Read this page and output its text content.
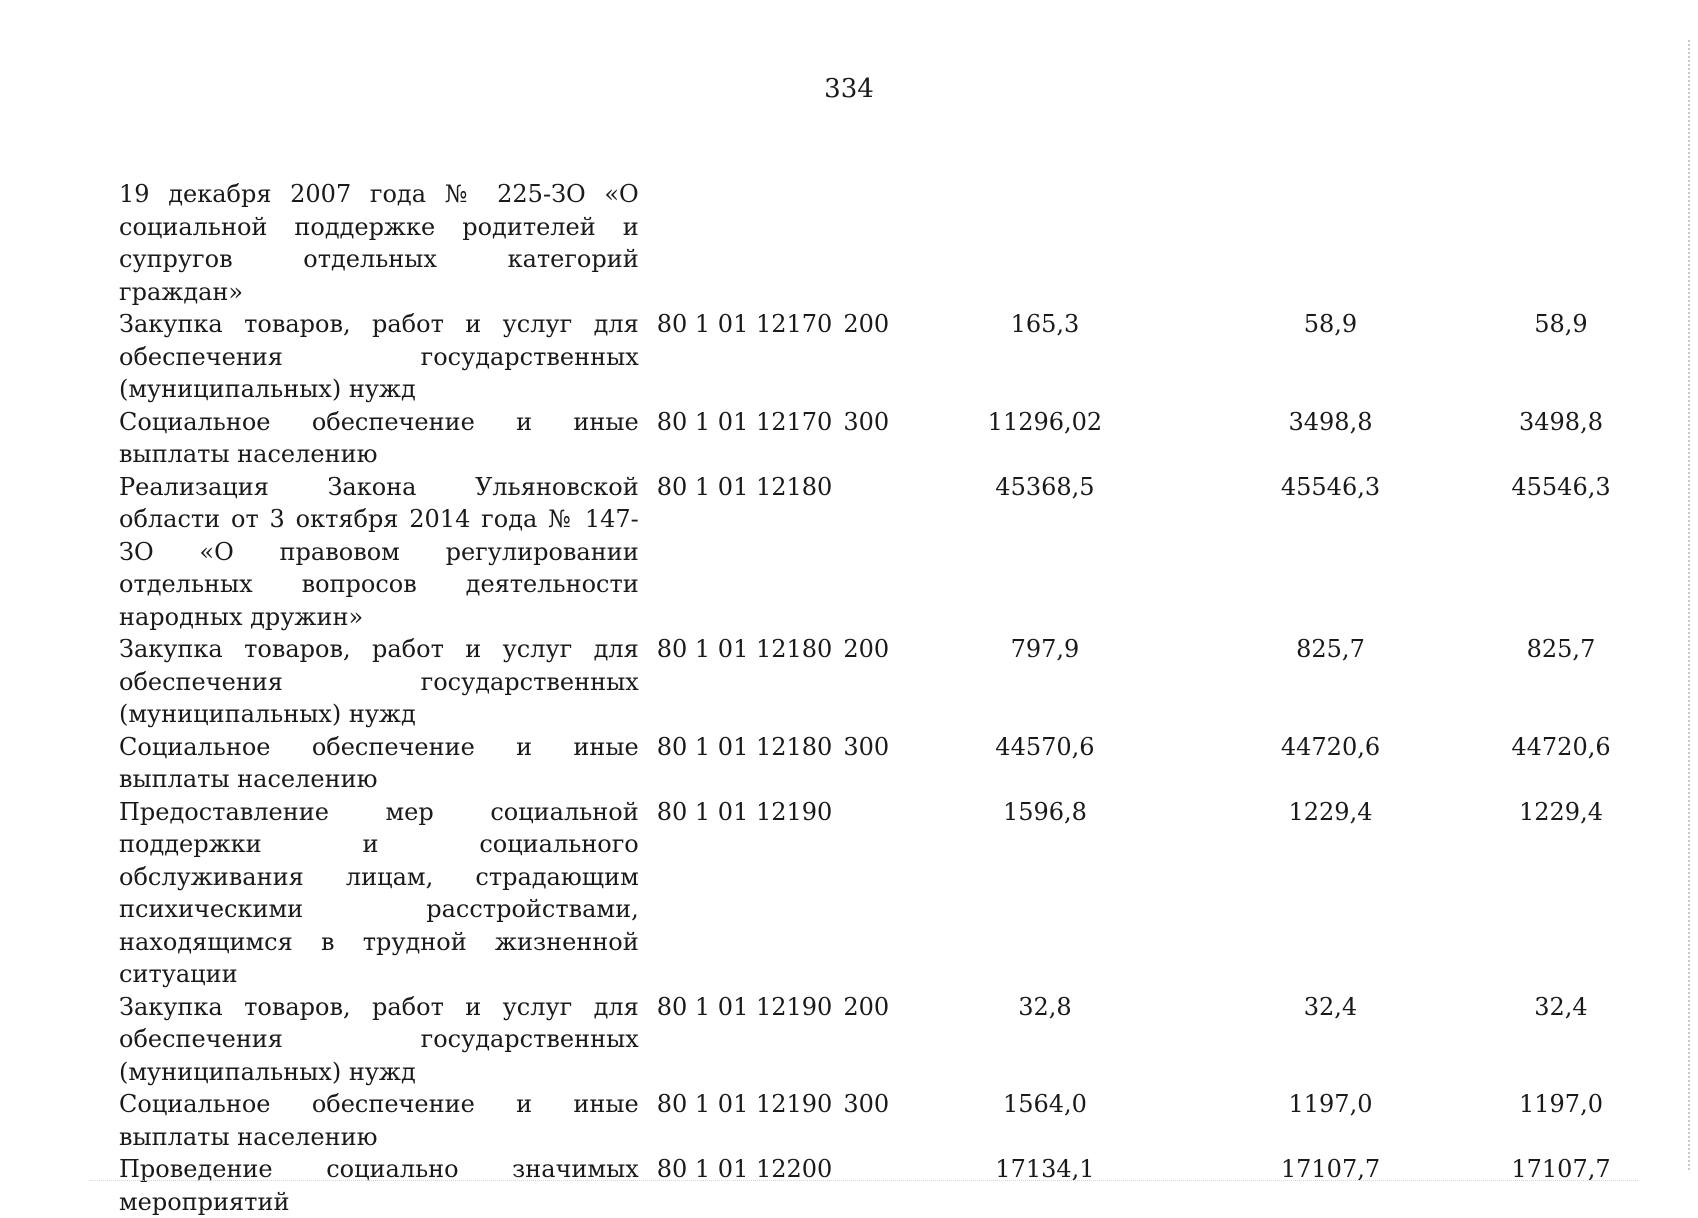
334
19 декабря 2007 года № 225-ЗО «О социальной поддержке родителей и супругов отдельных категорий граждан»					
Закупка товаров, работ и услуг для обеспечения государственных (муниципальных) нужд	80 1 01 12170	200	165,3	58,9	58,9
Социальное обеспечение и иные выплаты населению	80 1 01 12170	300	11296,02	3498,8	3498,8
Реализация Закона Ульяновской области от 3 октября 2014 года № 147-ЗО «О правовом регулировании отдельных вопросов деятельности народных дружин»	80 1 01 12180		45368,5	45546,3	45546,3
Закупка товаров, работ и услуг для обеспечения государственных (муниципальных) нужд	80 1 01 12180	200	797,9	825,7	825,7
Социальное обеспечение и иные выплаты населению	80 1 01 12180	300	44570,6	44720,6	44720,6
Предоставление мер социальной поддержки и социального обслуживания лицам, страдающим психическими расстройствами, находящимся в трудной жизненной ситуации	80 1 01 12190		1596,8	1229,4	1229,4
Закупка товаров, работ и услуг для обеспечения государственных (муниципальных) нужд	80 1 01 12190	200	32,8	32,4	32,4
Социальное обеспечение и иные выплаты населению	80 1 01 12190	300	1564,0	1197,0	1197,0
Проведение социально значимых мероприятий	80 1 01 12200		17134,1	17107,7	17107,7
